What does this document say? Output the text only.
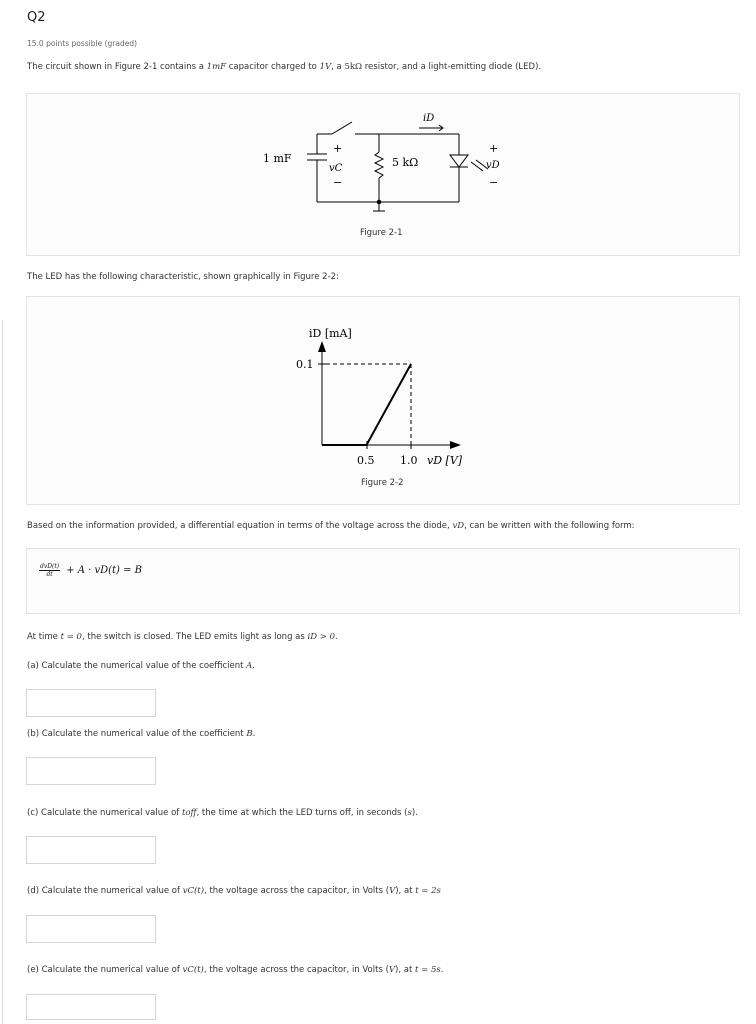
Q2
15.0 points possible (graded)
The circuit shown in Figure 2-1 contains a 1mF capacitor charged to 1V, a 5kΩ resistor, and a light-emitting diode (LED).
1 mF
+
vC
−
5 kΩ
iD
+
vD
−
Figure 2-1
The LED has the following characteristic, shown graphically in Figure 2-2:
iD [mA]
0.1
0.5 1.0 vD [V]
Figure 2-2
Based on the information provided, a differential equation in terms of the voltage across the diode, vD, can be written with the following form:
dvD(t)
dt + A · vD(t) = B
At time t = 0, the switch is closed. The LED emits light as long as iD > 0.
(a) Calculate the numerical value of the coefficient A.
(b) Calculate the numerical value of the coefficient B.
(c) Calculate the numerical value of toff, the time at which the LED turns off, in seconds (s).
(d) Calculate the numerical value of vC(t), the voltage across the capacitor, in Volts (V), at t = 2s
(e) Calculate the numerical value of vC(t), the voltage across the capacitor, in Volts (V), at t = 5s.
